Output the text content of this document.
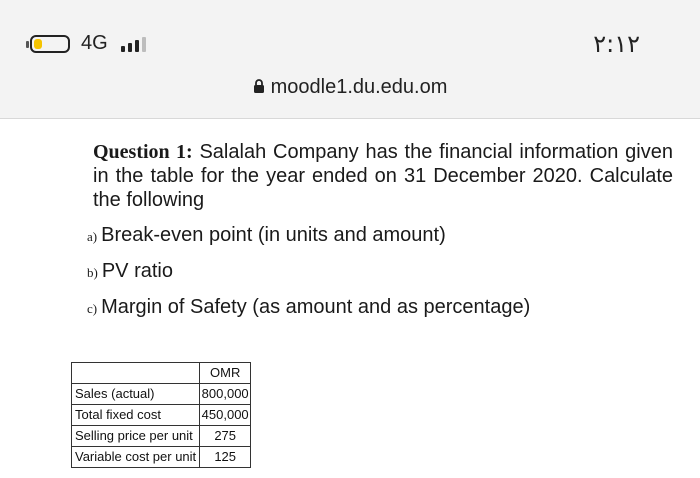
4G	٢:١٢
moodle1.du.edu.om

Question 1: Salalah Company has the financial information given in the table for the year ended on 31 December 2020. Calculate the following

a) Break-even point (in units and amount)
b) PV ratio
c) Margin of Safety (as amount and as percentage)
	OMR
Sales (actual)	800,000
Total fixed cost	450,000
Selling price per unit	275
Variable cost per unit	125
